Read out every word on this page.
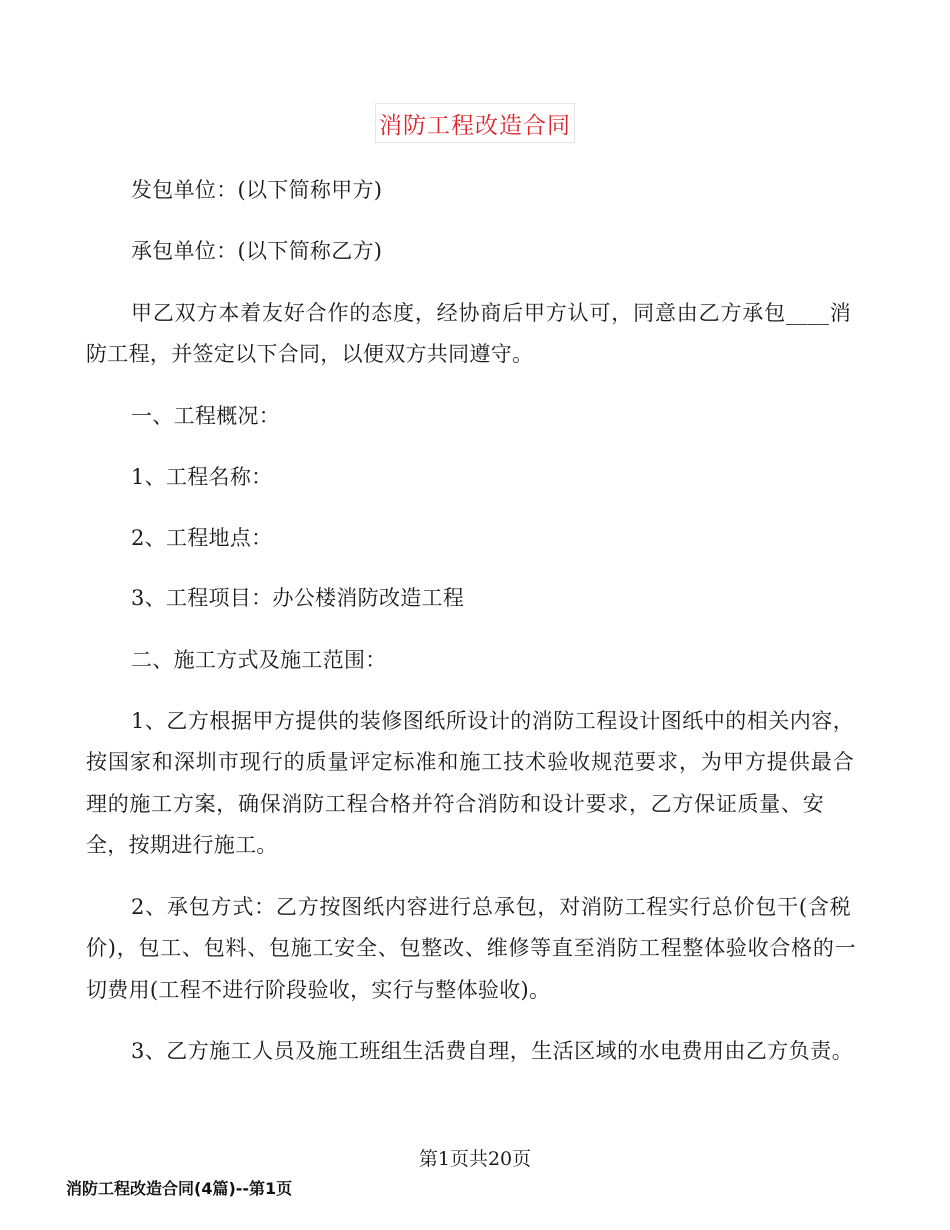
消防工程改造合同
发包单位：(以下简称甲方)
承包单位：(以下简称乙方)
甲乙双方本着友好合作的态度，经协商后甲方认可，同意由乙方承包____消
防工程，并签定以下合同，以便双方共同遵守。
一、工程概况：
1、工程名称：
2、工程地点：
3、工程项目：办公楼消防改造工程
二、施工方式及施工范围：
1、乙方根据甲方提供的装修图纸所设计的消防工程设计图纸中的相关内容，
按国家和深圳市现行的质量评定标准和施工技术验收规范要求，为甲方提供最合
理的施工方案，确保消防工程合格并符合消防和设计要求，乙方保证质量、安
全，按期进行施工。
2、承包方式：乙方按图纸内容进行总承包，对消防工程实行总价包干(含税
价)，包工、包料、包施工安全、包整改、维修等直至消防工程整体验收合格的一
切费用(工程不进行阶段验收，实行与整体验收)。
3、乙方施工人员及施工班组生活费自理，生活区域的水电费用由乙方负责。
第1页共20页
消防工程改造合同(4篇)--第1页
